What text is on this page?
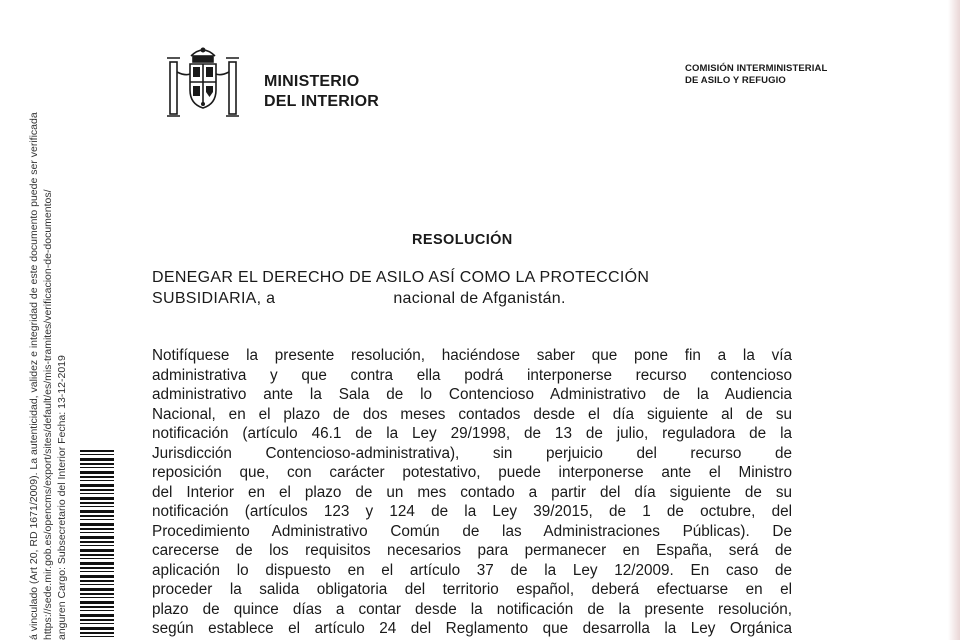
á vinculado (Art 20, RD 1671/2009). La autenticidad, validez e integridad de este documento puede ser verificada https://sede.mir.gob.es/opencms/export/sites/default/es/mis-tramites/verificacion-de-documentos/ anguren Cargo: Subsecretario del Interior Fecha: 13-12-2019
MINISTERIO
DEL INTERIOR
COMISIÓN INTERMINISTERIAL
DE ASILO Y REFUGIO
RESOLUCIÓN
DENEGAR EL DERECHO DE ASILO ASÍ COMO LA PROTECCIÓN
SUBSIDIARIA, a	nacional de Afganistán.
Notifíquese la presente resolución, haciéndose saber que pone fin a la vía
administrativa y que contra ella podrá interponerse recurso contencioso
administrativo ante la Sala de lo Contencioso Administrativo de la Audiencia
Nacional, en el plazo de dos meses contados desde el día siguiente al de su
notificación (artículo 46.1 de la Ley 29/1998, de 13 de julio, reguladora de la
Jurisdicción Contencioso-administrativa), sin perjuicio del recurso de
reposición que, con carácter potestativo, puede interponerse ante el Ministro
del Interior en el plazo de un mes contado a partir del día siguiente de su
notificación (artículos 123 y 124 de la Ley 39/2015, de 1 de octubre, del
Procedimiento Administrativo Común de las Administraciones Públicas). De
carecerse de los requisitos necesarios para permanecer en España, será de
aplicación lo dispuesto en el artículo 37 de la Ley 12/2009. En caso de
proceder la salida obligatoria del territorio español, deberá efectuarse en el
plazo de quince días a contar desde la notificación de la presente resolución,
según establece el artículo 24 del Reglamento que desarrolla la Ley Orgánica
